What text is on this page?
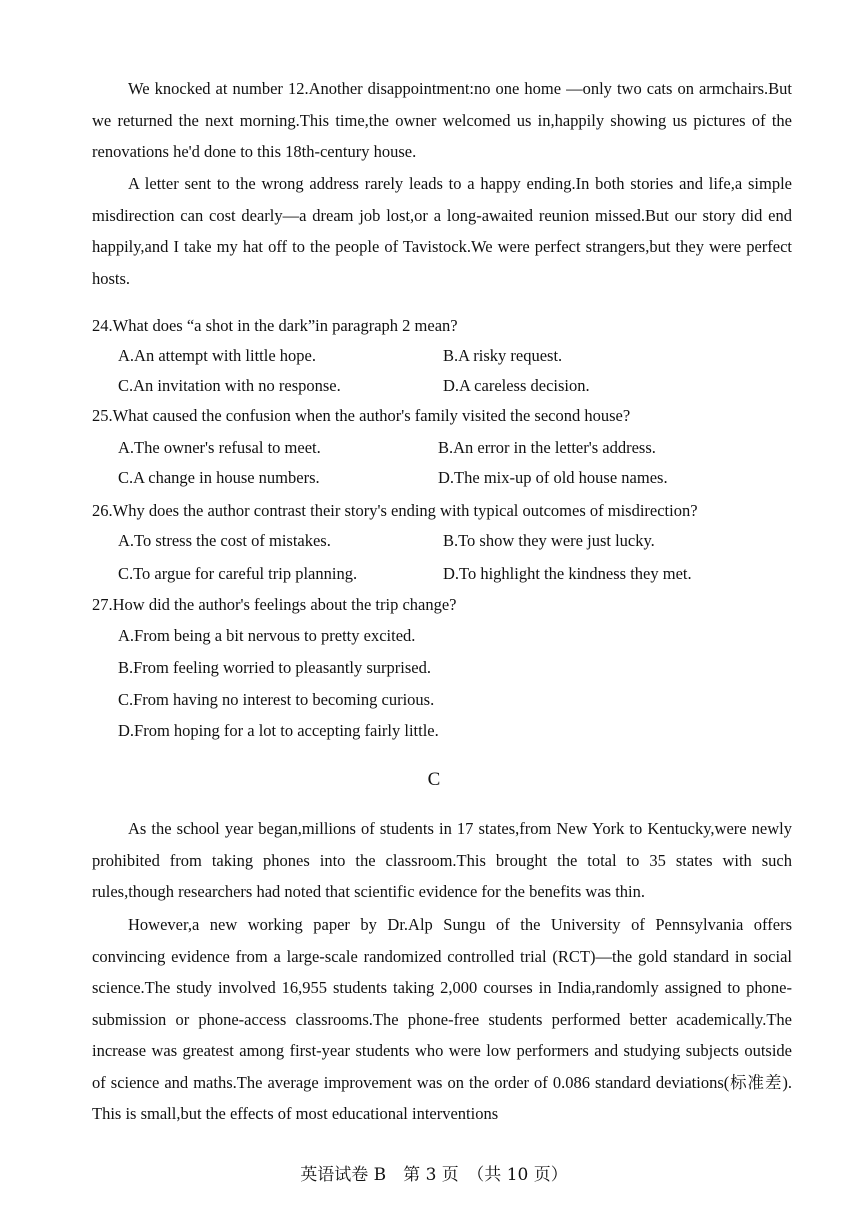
We knocked at number 12.Another disappointment:no one home —only two cats on armchairs.But we returned the next morning.This time,the owner welcomed us in,happily showing us pictures of the renovations he'd done to this 18th-century house.

A letter sent to the wrong address rarely leads to a happy ending.In both stories and life,a simple misdirection can cost dearly—a dream job lost,or a long-awaited reunion missed.But our story did end happily,and I take my hat off to the people of Tavistock.We were perfect strangers,but they were perfect hosts.

24.What does “a shot in the dark”in paragraph 2 mean?

A.An attempt with little hope.	B.A risky request.

C.An invitation with no response.	D.A careless decision.

25.What caused the confusion when the author's family visited the second house?

A.The owner's refusal to meet.	B.An error in the letter's address.

C.A change in house numbers.	D.The mix-up of old house names.

26.Why does the author contrast their story's ending with typical outcomes of misdirection?

A.To stress the cost of mistakes.	B.To show they were just lucky.

C.To argue for careful trip planning.	D.To highlight the kindness they met.

27.How did the author's feelings about the trip change?

A.From being a bit nervous to pretty excited.

B.From feeling worried to pleasantly surprised.

C.From having no interest to becoming curious.

D.From hoping for a lot to accepting fairly little.

C

As the school year began,millions of students in 17 states,from New York to Kentucky,were newly prohibited from taking phones into the classroom.This brought the total to 35 states with such rules,though researchers had noted that scientific evidence for the benefits was thin.

However,a new working paper by Dr.Alp Sungu of the University of Pennsylvania offers convincing evidence from a large-scale randomized controlled trial (RCT)—the gold standard in social science.The study involved 16,955 students taking 2,000 courses in India,randomly assigned to phone-submission or phone-access classrooms.The phone-free students performed better academically.The increase was greatest among first-year students who were low performers and studying subjects outside of science and maths.The average improvement was on the order of 0.086 standard deviations(标准差). This is small,but the effects of most educational interventions

英语试卷 B　第 3 页　（共 10 页）
